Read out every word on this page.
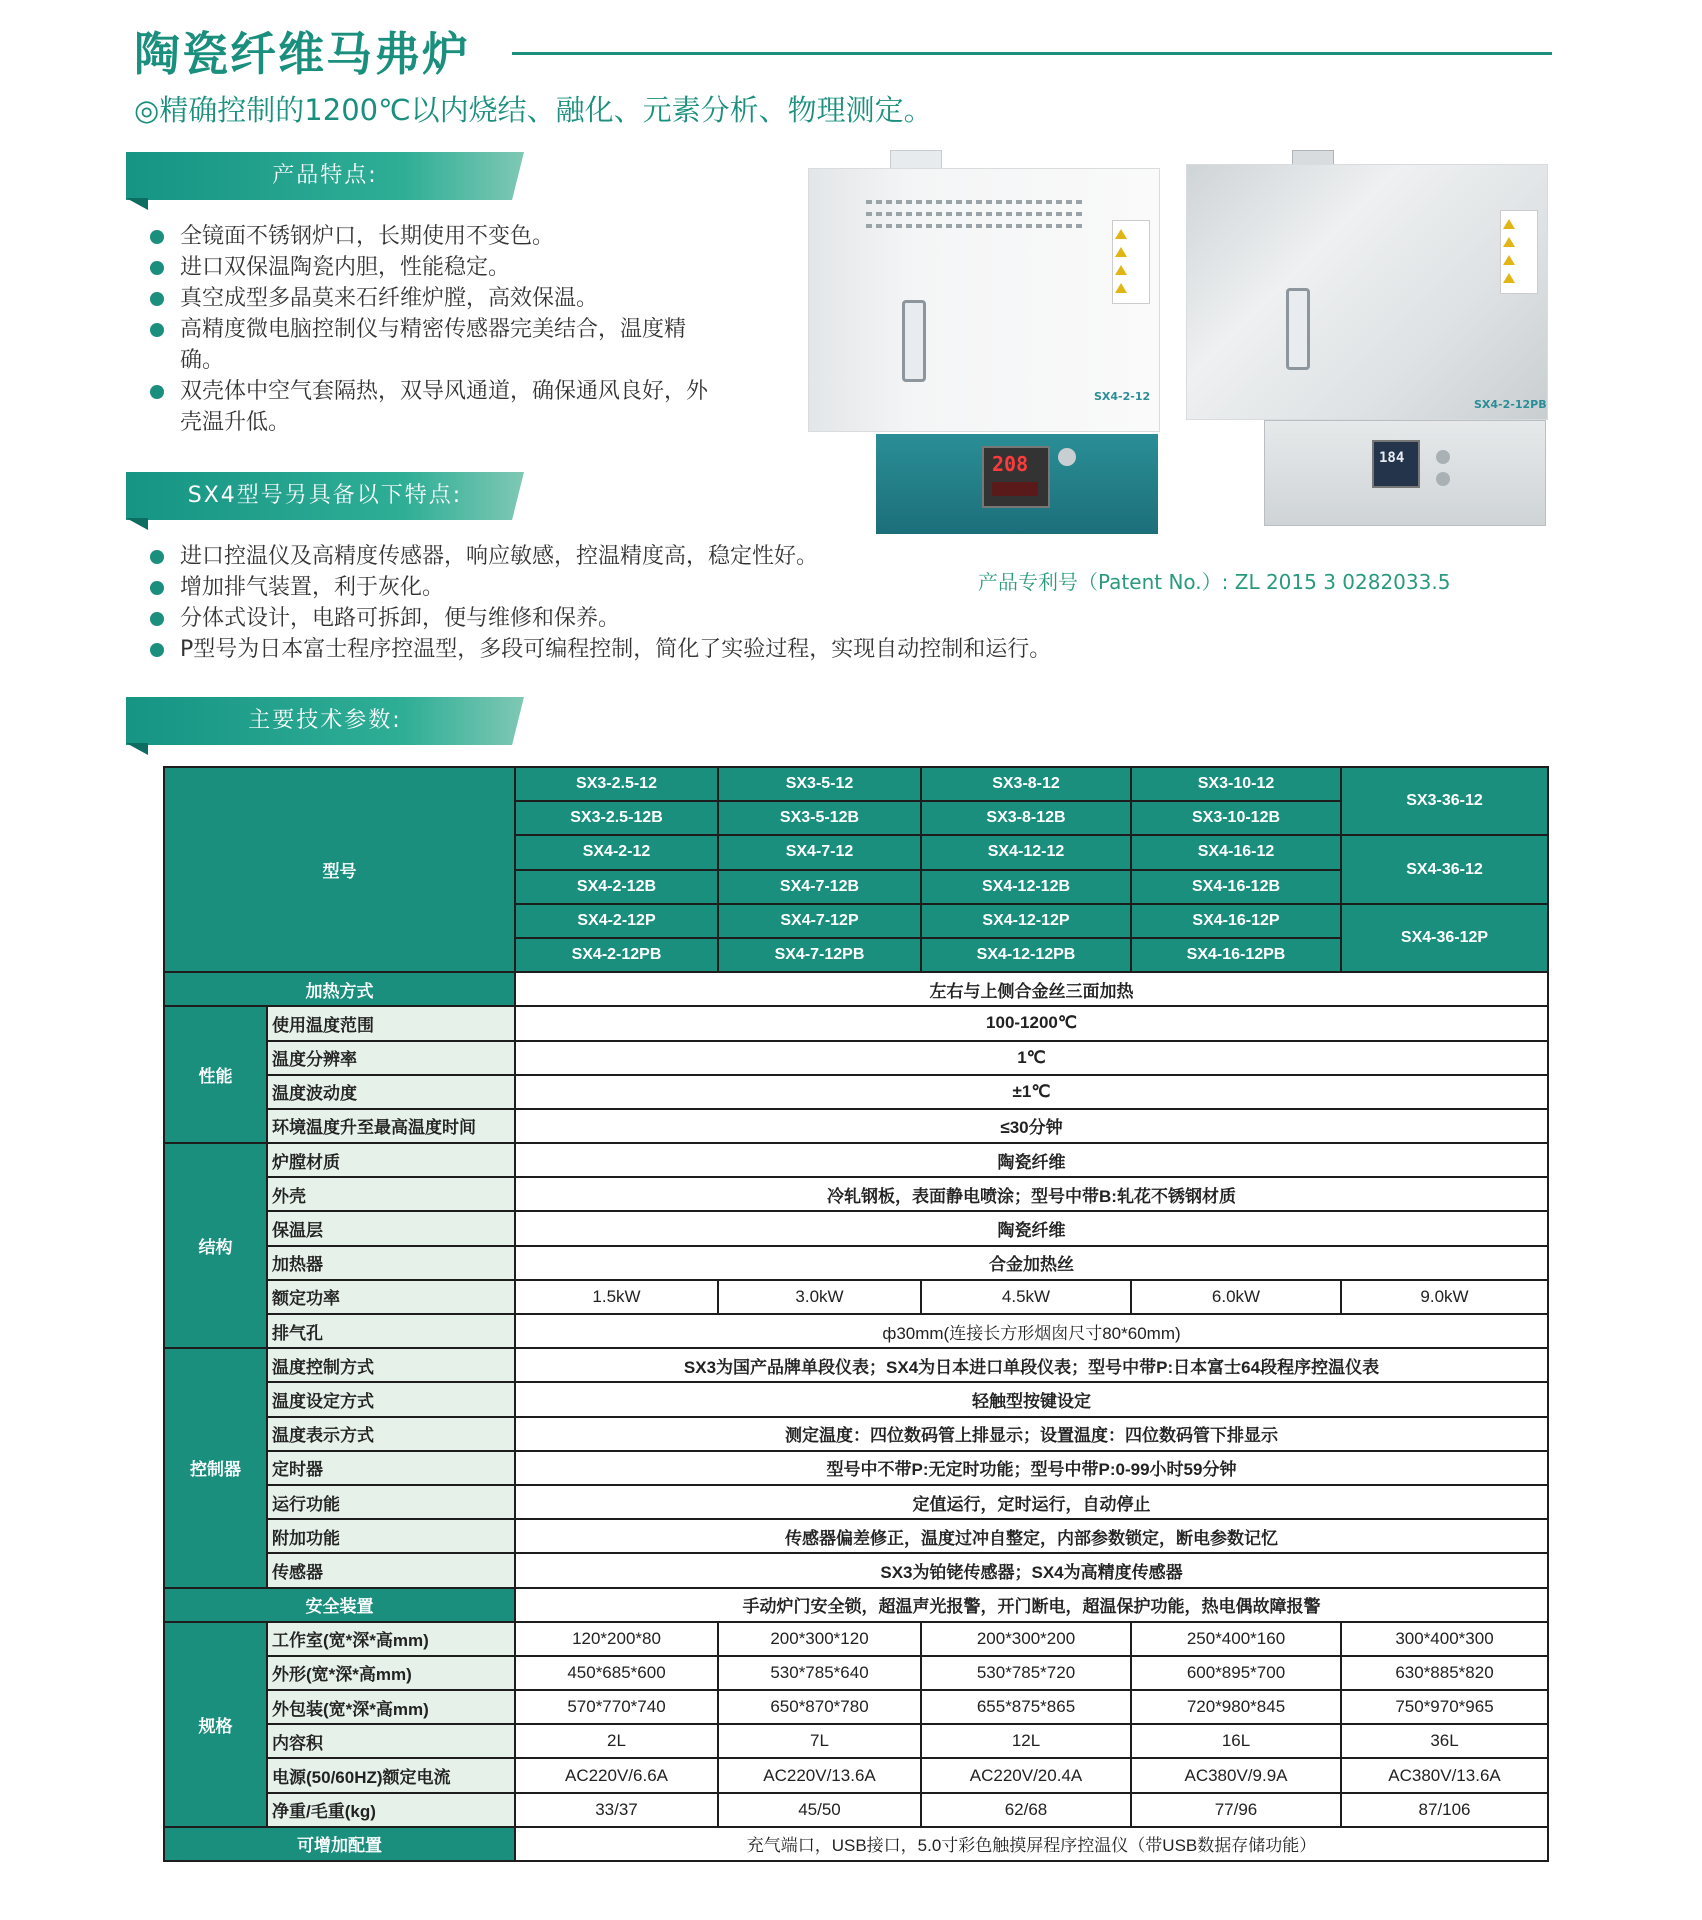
陶瓷纤维马弗炉
◎精确控制的1200℃以内烧结、融化、元素分析、物理测定。
产品特点:
全镜面不锈钢炉口，长期使用不变色。
进口双保温陶瓷内胆，性能稳定。
真空成型多晶莫来石纤维炉膛，高效保温。
高精度微电脑控制仪与精密传感器完美结合，温度精确。
双壳体中空气套隔热，双导风通道，确保通风良好，外壳温升低。
SX4型号另具备以下特点:
进口控温仪及高精度传感器，响应敏感，控温精度高，稳定性好。
增加排气装置，利于灰化。
分体式设计，电路可拆卸，便与维修和保养。
P型号为日本富士程序控温型，多段可编程控制，简化了实验过程，实现自动控制和运行。
SX4-2-12
208
SX4-2-12PB
184
产品专利号（Patent No.）: ZL 2015 3 0282033.5
主要技术参数:
型号		SX3-2.5-12	SX3-5-12	SX3-8-12	SX3-10-12	SX3-36-12
		SX3-2.5-12B	SX3-5-12B	SX3-8-12B	SX3-10-12B	
		SX4-2-12	SX4-7-12	SX4-12-12	SX4-16-12	SX4-36-12
		SX4-2-12B	SX4-7-12B	SX4-12-12B	SX4-16-12B	
		SX4-2-12P	SX4-7-12P	SX4-12-12P	SX4-16-12P	SX4-36-12P
		SX4-2-12PB	SX4-7-12PB	SX4-12-12PB	SX4-16-12PB	
加热方式		左右与上侧合金丝三面加热				
性能	使用温度范围	100-1200℃				
	温度分辨率	1℃				
	温度波动度	±1℃				
	环境温度升至最高温度时间	≤30分钟				
结构	炉膛材质	陶瓷纤维				
	外壳	冷轧钢板，表面静电喷涂；型号中带B:轧花不锈钢材质				
	保温层	陶瓷纤维				
	加热器	合金加热丝				
	额定功率	1.5kW	3.0kW	4.5kW	6.0kW	9.0kW
	排气孔	ф30mm(连接长方形烟囱尺寸80*60mm)				
控制器	温度控制方式	SX3为国产品牌单段仪表；SX4为日本进口单段仪表；型号中带P:日本富士64段程序控温仪表				
	温度设定方式	轻触型按键设定				
	温度表示方式	测定温度：四位数码管上排显示；设置温度：四位数码管下排显示				
	定时器	型号中不带P:无定时功能；型号中带P:0-99小时59分钟				
	运行功能	定值运行，定时运行，自动停止				
	附加功能	传感器偏差修正，温度过冲自整定，内部参数锁定，断电参数记忆				
	传感器	SX3为铂铑传感器；SX4为高精度传感器				
安全装置		手动炉门安全锁，超温声光报警，开门断电，超温保护功能，热电偶故障报警				
规格	工作室(宽*深*高mm)	120*200*80	200*300*120	200*300*200	250*400*160	300*400*300
	外形(宽*深*高mm)	450*685*600	530*785*640	530*785*720	600*895*700	630*885*820
	外包装(宽*深*高mm)	570*770*740	650*870*780	655*875*865	720*980*845	750*970*965
	内容积	2L	7L	12L	16L	36L
	电源(50/60HZ)额定电流	AC220V/6.6A	AC220V/13.6A	AC220V/20.4A	AC380V/9.9A	AC380V/13.6A
	净重/毛重(kg)	33/37	45/50	62/68	77/96	87/106
可增加配置		充气端口，USB接口，5.0寸彩色触摸屏程序控温仪（带USB数据存储功能）				
